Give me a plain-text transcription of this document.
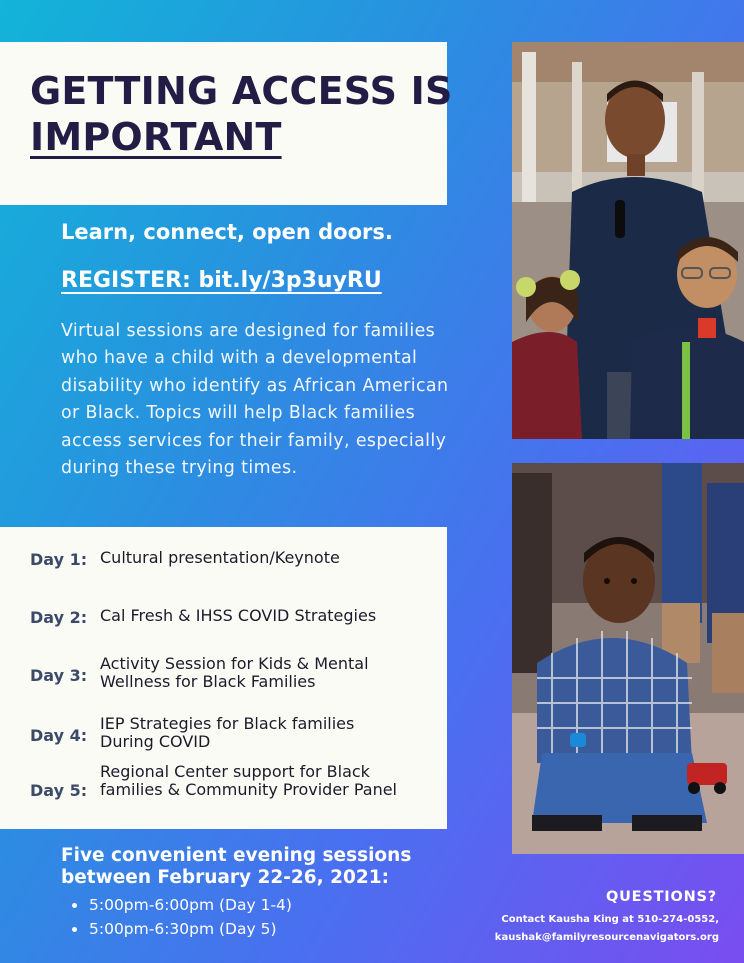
GETTING ACCESS IS
IMPORTANT
Learn, connect, open doors.
REGISTER: bit.ly/3p3uyRU
Virtual sessions are designed for families who have a child with a developmental disability who identify as African American or Black. Topics will help Black families access services for their family, especially during these trying times.
Day 1: Cultural presentation/Keynote
Day 2: Cal Fresh & IHSS COVID Strategies
Day 3:
Activity Session for Kids & Mental Wellness for Black Families
Day 4:
IEP Strategies for Black families During COVID
Day 5:
Regional Center support for Black families & Community Provider Panel
Five convenient evening sessions between February 22-26, 2021:
5:00pm-6:00pm (Day 1-4)
5:00pm-6:30pm (Day 5)
QUESTIONS?
Contact Kausha King at 510-274-0552,
kaushak@familyresourcenavigators.org
